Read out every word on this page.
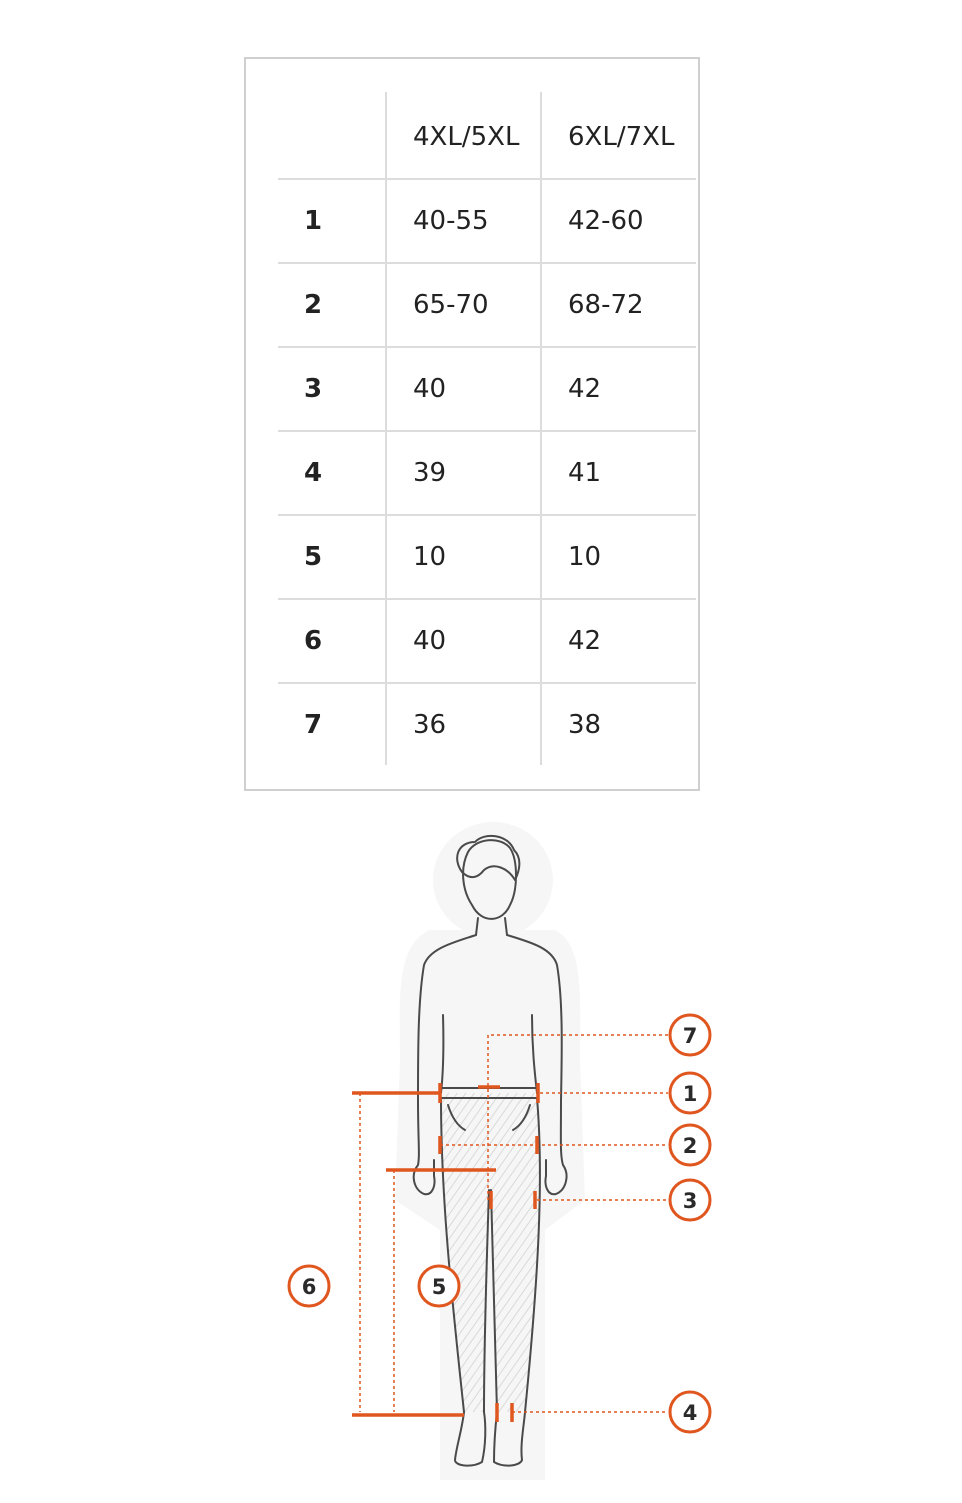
	4XL/5XL	6XL/7XL
1	40-55	42-60
2	65-70	68-72
3	40	42
4	39	41
5	10	10
6	40	42
7	36	38
7
1
2
3
6	5
4
